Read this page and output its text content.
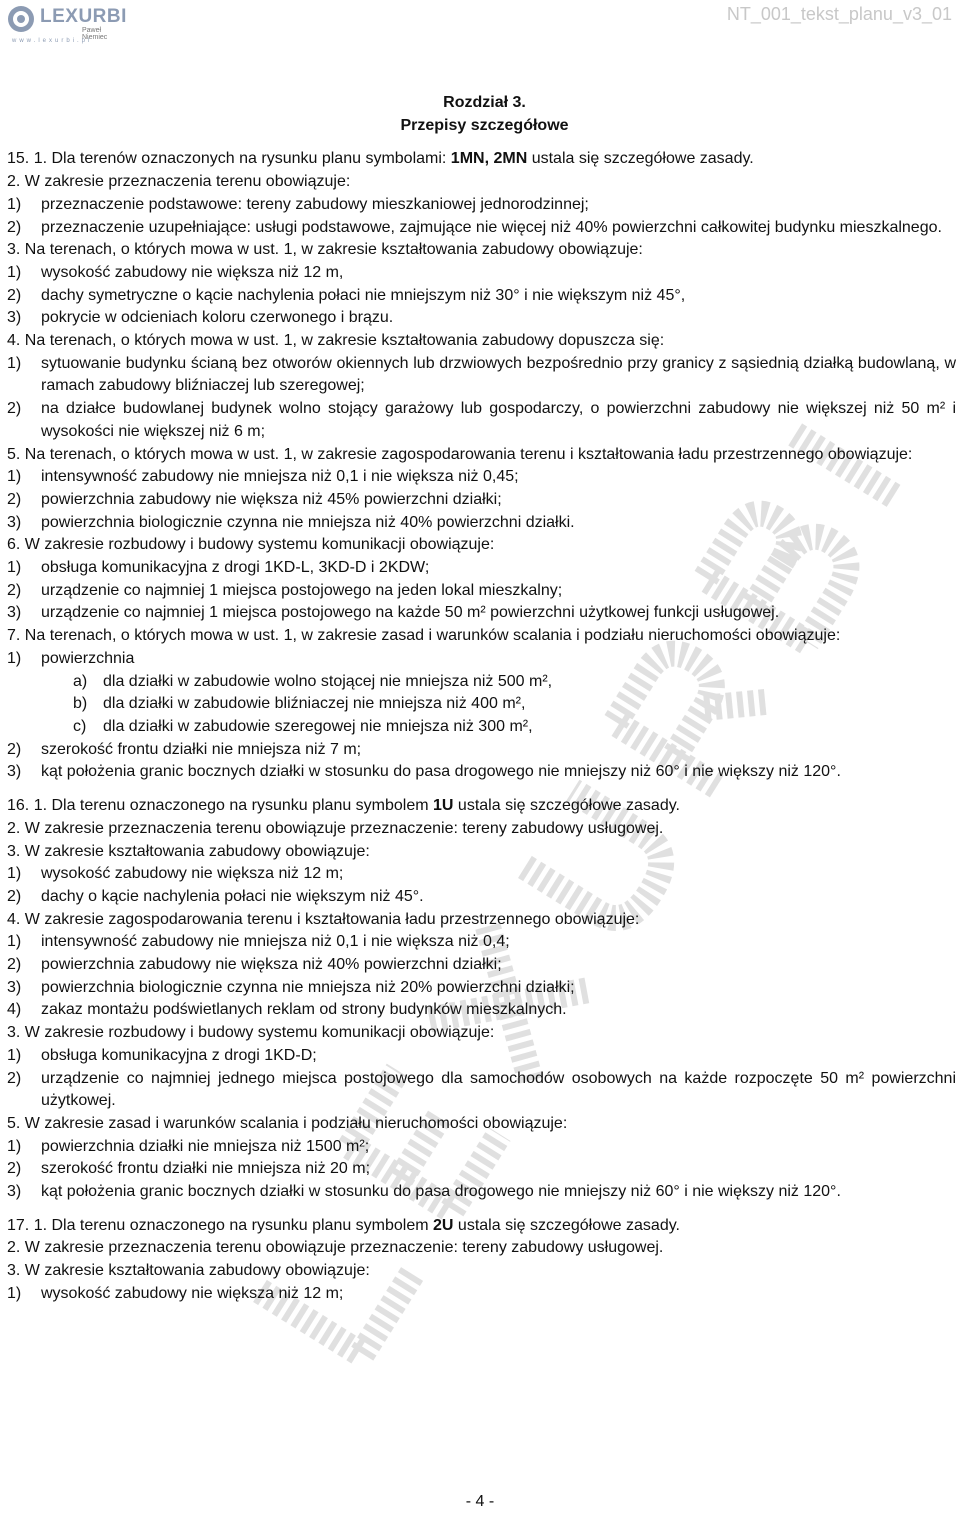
LEXURBI
Paweł Niemiec
www.lexurbi.pl
NT_001_tekst_planu_v3_01
Rozdział 3.
Przepisy szczegółowe
15. 1. Dla terenów oznaczonych na rysunku planu symbolami: 1MN, 2MN ustala się szczegółowe zasady.
2. W zakresie przeznaczenia terenu obowiązuje:
1) przeznaczenie podstawowe: tereny zabudowy mieszkaniowej jednorodzinnej;
2) przeznaczenie uzupełniające: usługi podstawowe, zajmujące nie więcej niż 40% powierzchni całkowitej budynku mieszkalnego.
3. Na terenach, o których mowa w ust. 1, w zakresie kształtowania zabudowy obowiązuje:
1) wysokość zabudowy nie większa niż 12 m,
2) dachy symetryczne o kącie nachylenia połaci nie mniejszym niż 30° i nie większym niż 45°,
3) pokrycie w odcieniach koloru czerwonego i brązu.
4. Na terenach, o których mowa w ust. 1, w zakresie kształtowania zabudowy dopuszcza się:
1) sytuowanie budynku ścianą bez otworów okiennych lub drzwiowych bezpośrednio przy granicy z sąsiednią działką budowlaną, w ramach zabudowy bliźniaczej lub szeregowej;
2) na działce budowlanej budynek wolno stojący garażowy lub gospodarczy, o powierzchni zabudowy nie większej niż 50 m² i wysokości nie większej niż 6 m;
5. Na terenach, o których mowa w ust. 1, w zakresie zagospodarowania terenu i kształtowania ładu przestrzennego obowiązuje:
1) intensywność zabudowy nie mniejsza niż 0,1 i nie większa niż 0,45;
2) powierzchnia zabudowy nie większa niż 45% powierzchni działki;
3) powierzchnia biologicznie czynna nie mniejsza niż 40% powierzchni działki.
6. W zakresie rozbudowy i budowy systemu komunikacji obowiązuje:
1) obsługa komunikacyjna z drogi 1KD-L, 3KD-D i 2KDW;
2) urządzenie co najmniej 1 miejsca postojowego na jeden lokal mieszkalny;
3) urządzenie co najmniej 1 miejsca postojowego na każde 50 m² powierzchni użytkowej funkcji usługowej.
7. Na terenach, o których mowa w ust. 1, w zakresie zasad i warunków scalania i podziału nieruchomości obowiązuje:
1) powierzchnia
a) dla działki w zabudowie wolno stojącej nie mniejsza niż 500 m²,
b) dla działki w zabudowie bliźniaczej nie mniejsza niż 400 m²,
c) dla działki w zabudowie szeregowej nie mniejsza niż 300 m²,
2) szerokość frontu działki nie mniejsza niż 7 m;
3) kąt położenia granic bocznych działki w stosunku do pasa drogowego nie mniejszy niż 60° i nie większy niż 120°.
16. 1. Dla terenu oznaczonego na rysunku planu symbolem 1U ustala się szczegółowe zasady.
2. W zakresie przeznaczenia terenu obowiązuje przeznaczenie: tereny zabudowy usługowej.
3. W zakresie kształtowania zabudowy obowiązuje:
1) wysokość zabudowy nie większa niż 12 m;
2) dachy o kącie nachylenia połaci nie większym niż 45°.
4. W zakresie zagospodarowania terenu i kształtowania ładu przestrzennego obowiązuje:
1) intensywność zabudowy nie mniejsza niż 0,1 i nie większa niż 0,4;
2) powierzchnia zabudowy nie większa niż 40% powierzchni działki;
3) powierzchnia biologicznie czynna nie mniejsza niż 20% powierzchni działki;
4) zakaz montażu podświetlanych reklam od strony budynków mieszkalnych.
3. W zakresie rozbudowy i budowy systemu komunikacji obowiązuje:
1) obsługa komunikacyjna z drogi 1KD-D;
2) urządzenie co najmniej jednego miejsca postojowego dla samochodów osobowych na każde rozpoczęte 50 m² powierzchni użytkowej.
5. W zakresie zasad i warunków scalania i podziału nieruchomości obowiązuje:
1) powierzchnia działki nie mniejsza niż 1500 m²;
2) szerokość frontu działki nie mniejsza niż 20 m;
3) kąt położenia granic bocznych działki w stosunku do pasa drogowego nie mniejszy niż 60° i nie większy niż 120°.
17. 1. Dla terenu oznaczonego na rysunku planu symbolem 2U ustala się szczegółowe zasady.
2. W zakresie przeznaczenia terenu obowiązuje przeznaczenie: tereny zabudowy usługowej.
3. W zakresie kształtowania zabudowy obowiązuje:
1) wysokość zabudowy nie większa niż 12 m;
- 4 -
